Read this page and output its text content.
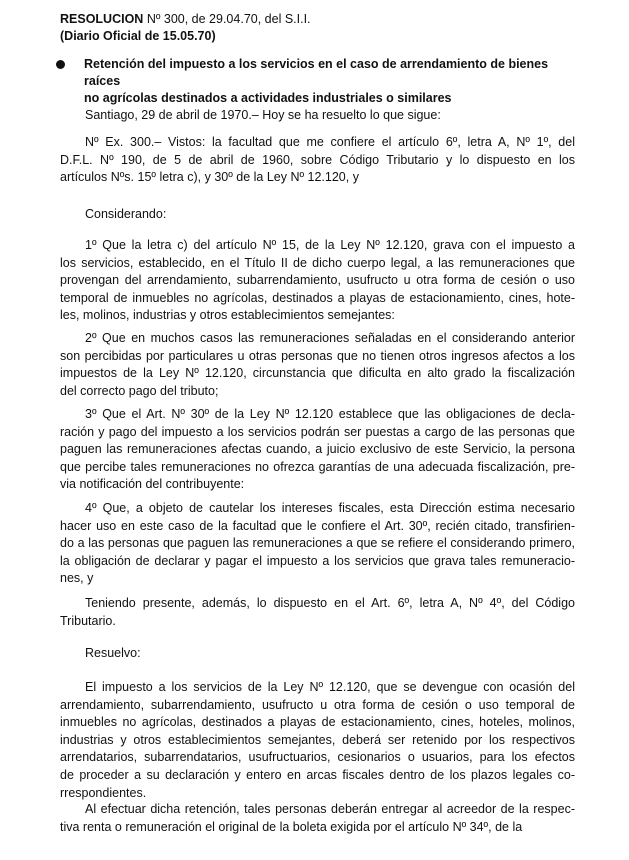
RESOLUCION Nº 300, de 29.04.70, del S.I.I.
(Diario Oficial de 15.05.70)
Retención del impuesto a los servicios en el caso de arrendamiento de bienes raíces
no agrícolas destinados a actividades industriales o similares
Santiago, 29 de abril de 1970.– Hoy se ha resuelto lo que sigue:
Nº Ex. 300.– Vistos: la facultad que me confiere el artículo 6º, letra A, Nº 1º, del
D.F.L. Nº 190, de 5 de abril de 1960, sobre Código Tributario y lo dispuesto en los
artículos Nºs. 15º letra c), y 30º de la Ley Nº 12.120, y
Considerando:
1º Que la letra c) del artículo Nº 15, de la Ley Nº 12.120, grava con el impuesto a
los servicios, establecido, en el Título II de dicho cuerpo legal, a las remuneraciones que
provengan del arrendamiento, subarrendamiento, usufructo u otra forma de cesión o uso
temporal de inmuebles no agrícolas, destinados a playas de estacionamiento, cines, hote-
les, molinos, industrias y otros establecimientos semejantes:
2º Que en muchos casos las remuneraciones señaladas en el considerando anterior
son percibidas por particulares u otras personas que no tienen otros ingresos afectos a los
impuestos de la Ley Nº 12.120, circunstancia que dificulta en alto grado la fiscalización
del correcto pago del tributo;
3º Que el Art. Nº 30º de la Ley Nº 12.120 establece que las obligaciones de decla-
ración y pago del impuesto a los servicios podrán ser puestas a cargo de las personas que
paguen las remuneraciones afectas cuando, a juicio exclusivo de este Servicio, la persona
que percibe tales remuneraciones no ofrezca garantías de una adecuada fiscalización, pre-
via notificación del contribuyente:
4º Que, a objeto de cautelar los intereses fiscales, esta Dirección estima necesario
hacer uso en este caso de la facultad que le confiere el Art. 30º, recién citado, transfirien-
do a las personas que paguen las remuneraciones a que se refiere el considerando primero,
la obligación de declarar y pagar el impuesto a los servicios que grava tales remuneracio-
nes, y
Teniendo presente, además, lo dispuesto en el Art. 6º, letra A, Nº 4º, del Código
Tributario.
Resuelvo:
El impuesto a los servicios de la Ley Nº 12.120, que se devengue con ocasión del
arrendamiento, subarrendamiento, usufructo u otra forma de cesión o uso temporal de
inmuebles no agrícolas, destinados a playas de estacionamiento, cines, hoteles, molinos,
industrias y otros establecimientos semejantes, deberá ser retenido por los respectivos
arrendatarios, subarrendatarios, usufructuarios, cesionarios o usuarios, para los efectos
de proceder a su declaración y entero en arcas fiscales dentro de los plazos legales co-
rrespondientes.
Al efectuar dicha retención, tales personas deberán entregar al acreedor de la respec-
tiva renta o remuneración el original de la boleta exigida por el artículo Nº 34º, de la
